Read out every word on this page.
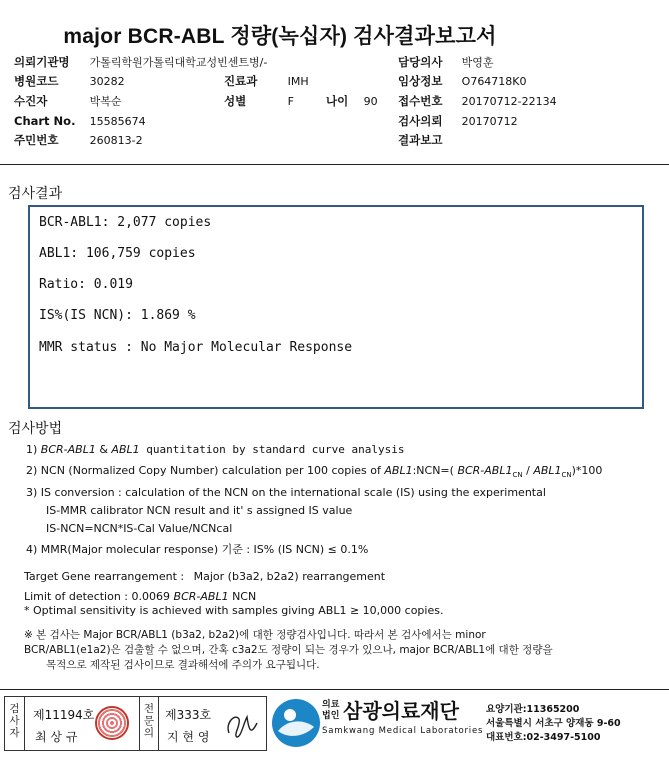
major BCR-ABL 정량(녹십자) 검사결과보고서
의뢰기관명 가톨릭학원가톨릭대학교성빈센트병/-
병원코드	30282	진료과	IMH
수진자	박복순	성별	F	나이 90
Chart No. 15585674
주민번호	260813-2
담당의사 박영훈
임상정보 O764718K0
접수번호 20170712-22134
검사의뢰 20170712
결과보고
검사결과
BCR-ABL1: 2,077 copies
ABL1: 106,759 copies
Ratio: 0.019
IS%(IS NCN): 1.869 %
MMR status : No Major Molecular Response
검사방법
1) BCR-ABL1 & ABL1 quantitation by standard curve analysis
2) NCN (Normalized Copy Number) calculation per 100 copies of ABL1:NCN=( BCR-$ABL1_{CN} / ABL1_{CN})*100$
3) IS conversion : calculation of the NCN on the international scale (IS) using the experimental
IS-MMR calibrator NCN result and it' s assigned IS value
IS-NCN=NCN*IS-Cal Value/NCNcal
4) MMR(Major molecular response) 기준 : IS% (IS NCN) ≤ 0.1%
Target Gene rearrangement : Major (b3a2, b2a2) rearrangement
Limit of detection : 0.0069 BCR-ABL1 NCN
* Optimal sensitivity is achieved with samples giving ABL1 ≥ 10,000 copies.
※ 본 검사는 Major BCR/ABL1 (b3a2, b2a2)에 대한 정량검사입니다. 따라서 본 검사에서는 minor
BCR/ABL1(e1a2)은 검출할 수 없으며, 간혹 c3a2도 정량이 되는 경우가 있으나, major BCR/ABL1에 대한 정량을
목적으로 제작된 검사이므로 결과해석에 주의가 요구됩니다.
검사자
제11194호
최 상 규
전문의
제333호
지 현 영	SML
의료
법인 삼광의료재단
Samkwang Medical Laboratories
요양기관:11365200
서울특별시 서초구 양재동 9-60
대표번호:02-3497-5100
